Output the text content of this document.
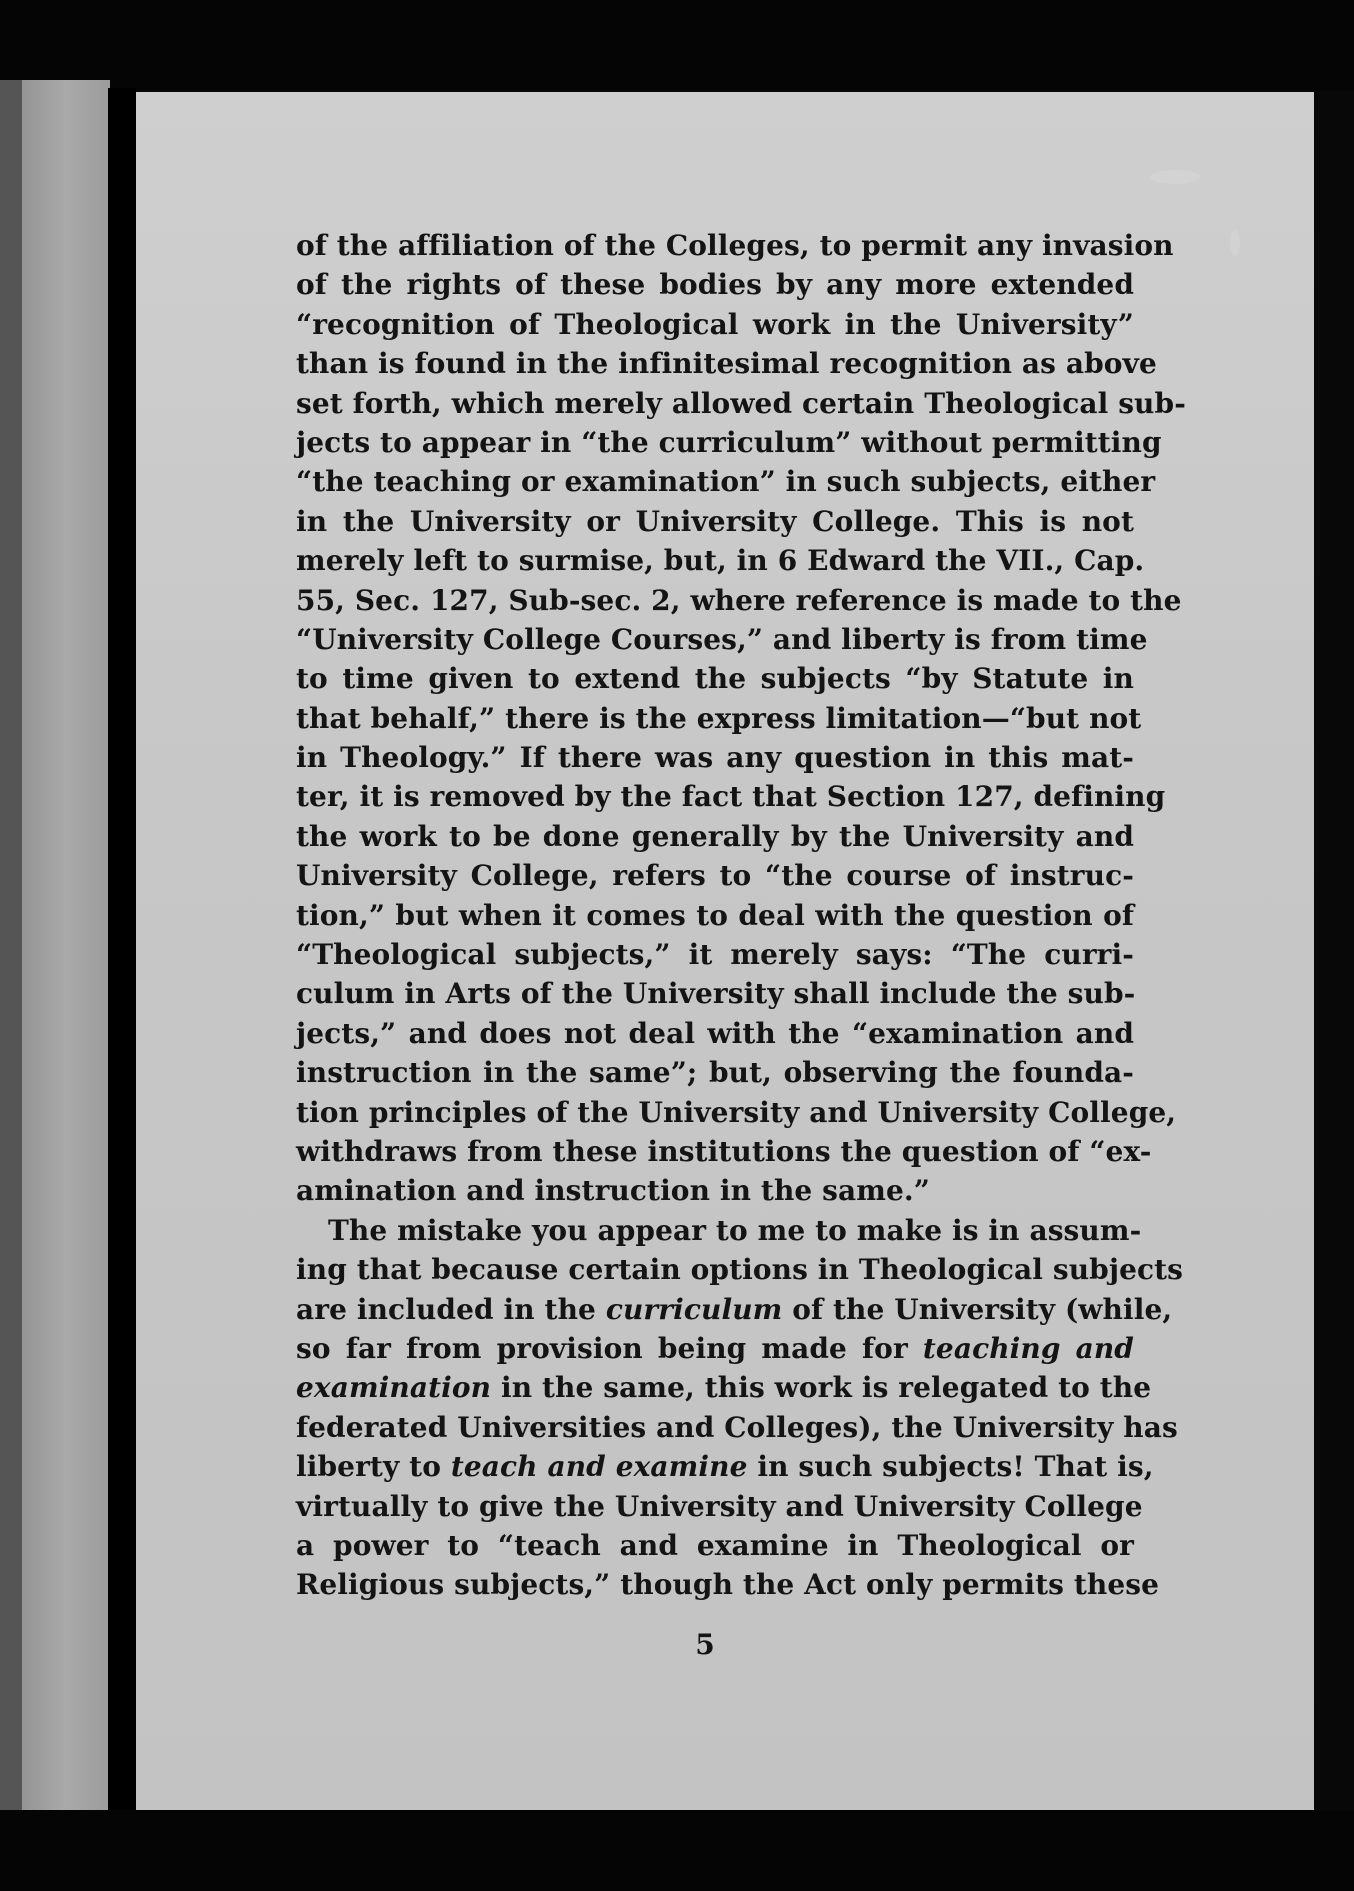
of the affiliation of the Colleges, to permit any invasion
of the rights of these bodies by any more extended
“recognition of Theological work in the University”
than is found in the infinitesimal recognition as above
set forth, which merely allowed certain Theological sub-
jects to appear in “the curriculum” without permitting
“the teaching or examination” in such subjects, either
in the University or University College. This is not
merely left to surmise, but, in 6 Edward the VII., Cap.
55, Sec. 127, Sub-sec. 2, where reference is made to the
“University College Courses,” and liberty is from time
to time given to extend the subjects “by Statute in
that behalf,” there is the express limitation—“but not
in Theology.” If there was any question in this mat-
ter, it is removed by the fact that Section 127, defining
the work to be done generally by the University and
University College, refers to “the course of instruc-
tion,” but when it comes to deal with the question of
“Theological subjects,” it merely says: “The curri-
culum in Arts of the University shall include the sub-
jects,” and does not deal with the “examination and
instruction in the same”; but, observing the founda-
tion principles of the University and University College,
withdraws from these institutions the question of “ex-
amination and instruction in the same.”
The mistake you appear to me to make is in assum-
ing that because certain options in Theological subjects
are included in the curriculum of the University (while,
so far from provision being made for teaching and
examination in the same, this work is relegated to the
federated Universities and Colleges), the University has
liberty to teach and examine in such subjects! That is,
virtually to give the University and University College
a power to “teach and examine in Theological or
Religious subjects,” though the Act only permits these
5
